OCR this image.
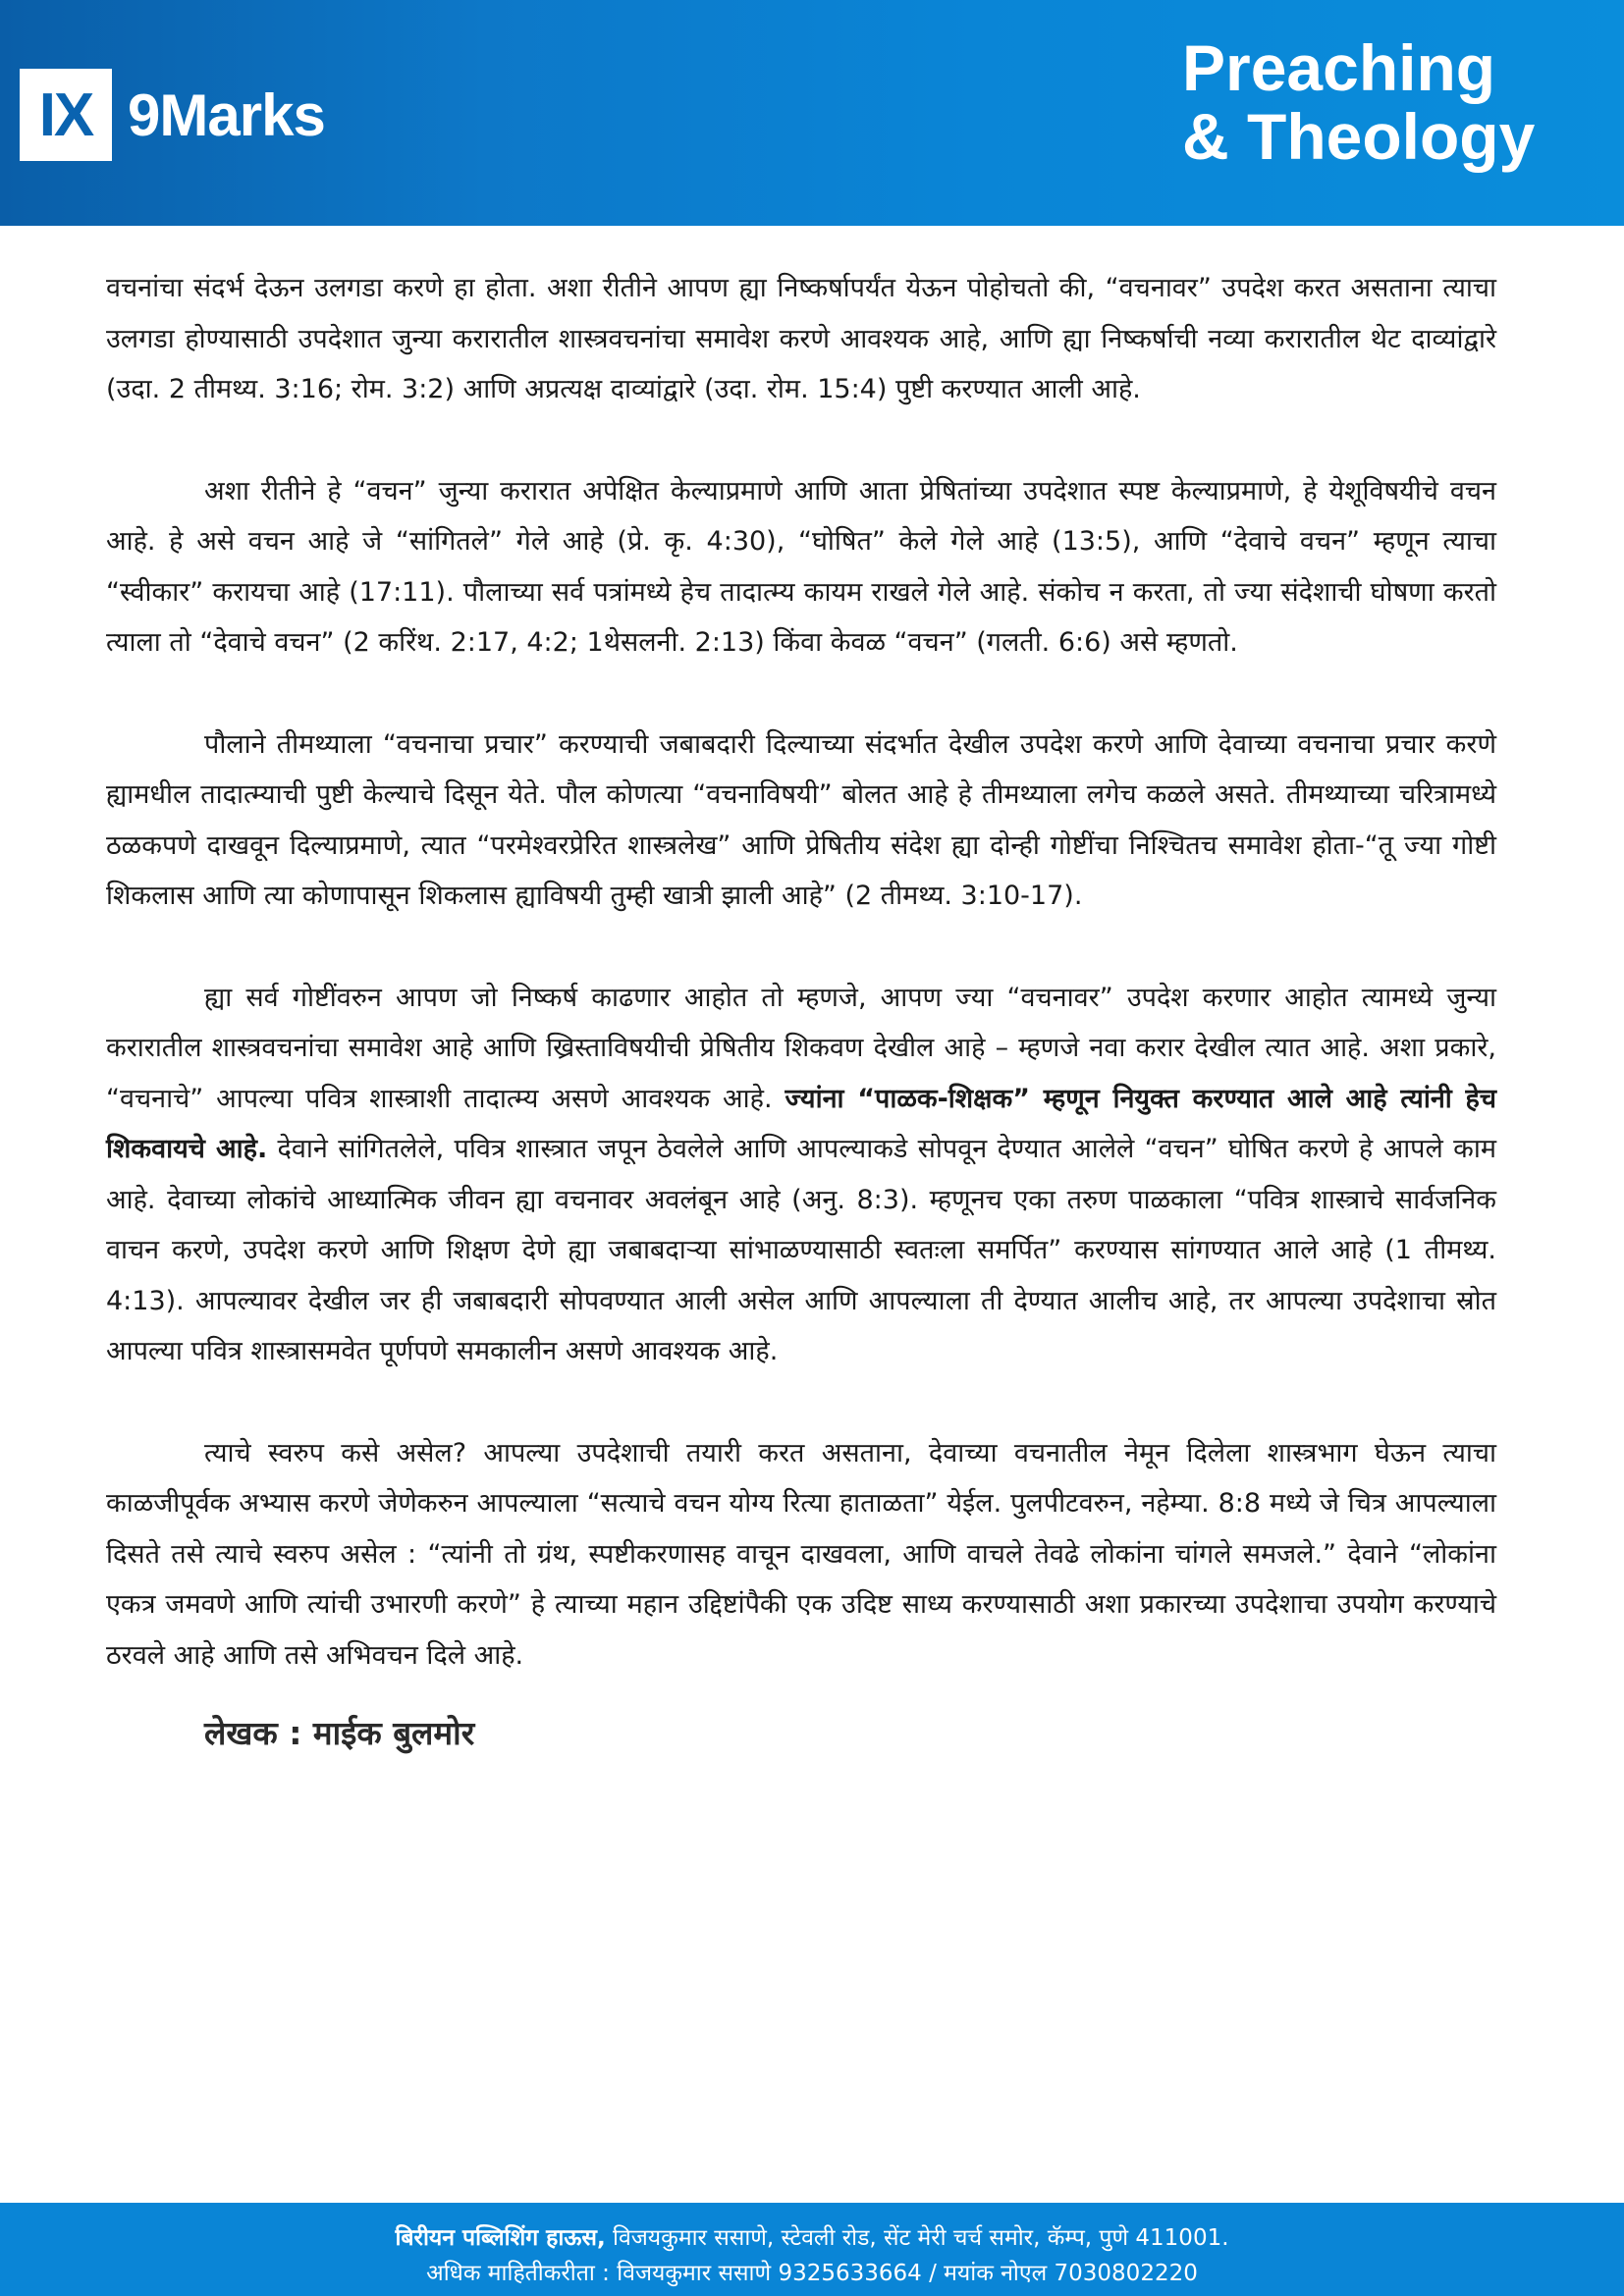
IX 9Marks
Preaching
& Theology

वचनांचा संदर्भ देऊन उलगडा करणे हा होता. अशा रीतीने आपण ह्या निष्कर्षापर्यंत येऊन पोहोचतो की, “वचनावर” उपदेश करत असताना त्याचा उलगडा होण्यासाठी उपदेशात जुन्या करारातील शास्त्रवचनांचा समावेश करणे आवश्यक आहे, आणि ह्या निष्कर्षाची नव्या करारातील थेट दाव्यांद्वारे (उदा. 2 तीमथ्य. 3:16; रोम. 3:2) आणि अप्रत्यक्ष दाव्यांद्वारे (उदा. रोम. 15:4) पुष्टी करण्यात आली आहे.

अशा रीतीने हे “वचन” जुन्या करारात अपेक्षित केल्याप्रमाणे आणि आता प्रेषितांच्या उपदेशात स्पष्ट केल्याप्रमाणे, हे येशूविषयीचे वचन आहे. हे असे वचन आहे जे “सांगितले” गेले आहे (प्रे. कृ. 4:30), “घोषित” केले गेले आहे (13:5), आणि “देवाचे वचन” म्हणून त्याचा “स्वीकार” करायचा आहे (17:11). पौलाच्या सर्व पत्रांमध्ये हेच तादात्म्य कायम राखले गेले आहे. संकोच न करता, तो ज्या संदेशाची घोषणा करतो त्याला तो “देवाचे वचन” (2 करिंथ. 2:17, 4:2; 1थेसलनी. 2:13) किंवा केवळ “वचन” (गलती. 6:6) असे म्हणतो.

पौलाने तीमथ्याला “वचनाचा प्रचार” करण्याची जबाबदारी दिल्याच्या संदर्भात देखील उपदेश करणे आणि देवाच्या वचनाचा प्रचार करणे ह्यामधील तादात्म्याची पुष्टी केल्याचे दिसून येते. पौल कोणत्या “वचनाविषयी” बोलत आहे हे तीमथ्याला लगेच कळले असते. तीमथ्याच्या चरित्रामध्ये ठळकपणे दाखवून दिल्याप्रमाणे, त्यात “परमेश्वरप्रेरित शास्त्रलेख” आणि प्रेषितीय संदेश ह्या दोन्ही गोष्टींचा निश्चितच समावेश होता-“तू ज्या गोष्टी शिकलास आणि त्या कोणापासून शिकलास ह्याविषयी तुम्ही खात्री झाली आहे” (2 तीमथ्य. 3:10-17).

ह्या सर्व गोष्टींवरुन आपण जो निष्कर्ष काढणार आहोत तो म्हणजे, आपण ज्या “वचनावर” उपदेश करणार आहोत त्यामध्ये जुन्या करारातील शास्त्रवचनांचा समावेश आहे आणि ख्रिस्ताविषयीची प्रेषितीय शिकवण देखील आहे – म्हणजे नवा करार देखील त्यात आहे. अशा प्रकारे, “वचनाचे” आपल्या पवित्र शास्त्राशी तादात्म्य असणे आवश्यक आहे. ज्यांना “पाळक-शिक्षक” म्हणून नियुक्त करण्यात आले आहे त्यांनी हेच शिकवायचे आहे. देवाने सांगितलेले, पवित्र शास्त्रात जपून ठेवलेले आणि आपल्याकडे सोपवून देण्यात आलेले “वचन” घोषित करणे हे आपले काम आहे. देवाच्या लोकांचे आध्यात्मिक जीवन ह्या वचनावर अवलंबून आहे (अनु. 8:3). म्हणूनच एका तरुण पाळकाला “पवित्र शास्त्राचे सार्वजनिक वाचन करणे, उपदेश करणे आणि शिक्षण देणे ह्या जबाबदाऱ्या सांभाळण्यासाठी स्वतःला समर्पित” करण्यास सांगण्यात आले आहे (1 तीमथ्य. 4:13). आपल्यावर देखील जर ही जबाबदारी सोपवण्यात आली असेल आणि आपल्याला ती देण्यात आलीच आहे, तर आपल्या उपदेशाचा स्रोत आपल्या पवित्र शास्त्रासमवेत पूर्णपणे समकालीन असणे आवश्यक आहे.

त्याचे स्वरुप कसे असेल? आपल्या उपदेशाची तयारी करत असताना, देवाच्या वचनातील नेमून दिलेला शास्त्रभाग घेऊन त्याचा काळजीपूर्वक अभ्यास करणे जेणेकरुन आपल्याला “सत्याचे वचन योग्य रित्या हाताळता” येईल. पुलपीटवरुन, नहेम्या. 8:8 मध्ये जे चित्र आपल्याला दिसते तसे त्याचे स्वरुप असेल : “त्यांनी तो ग्रंथ, स्पष्टीकरणासह वाचून दाखवला, आणि वाचले तेवढे लोकांना चांगले समजले.” देवाने “लोकांना एकत्र जमवणे आणि त्यांची उभारणी करणे” हे त्याच्या महान उद्दिष्टांपैकी एक उदिष्ट साध्य करण्यासाठी अशा प्रकारच्या उपदेशाचा उपयोग करण्याचे ठरवले आहे आणि तसे अभिवचन दिले आहे.

लेखक : माईक बुलमोर
बिरीयन पब्लिशिंग हाऊस, विजयकुमार ससाणे, स्टेवली रोड, सेंट मेरी चर्च समोर, कॅम्प, पुणे 411001.
अधिक माहितीकरीता : विजयकुमार ससाणे 9325633664 / मयांक नोएल 7030802220
